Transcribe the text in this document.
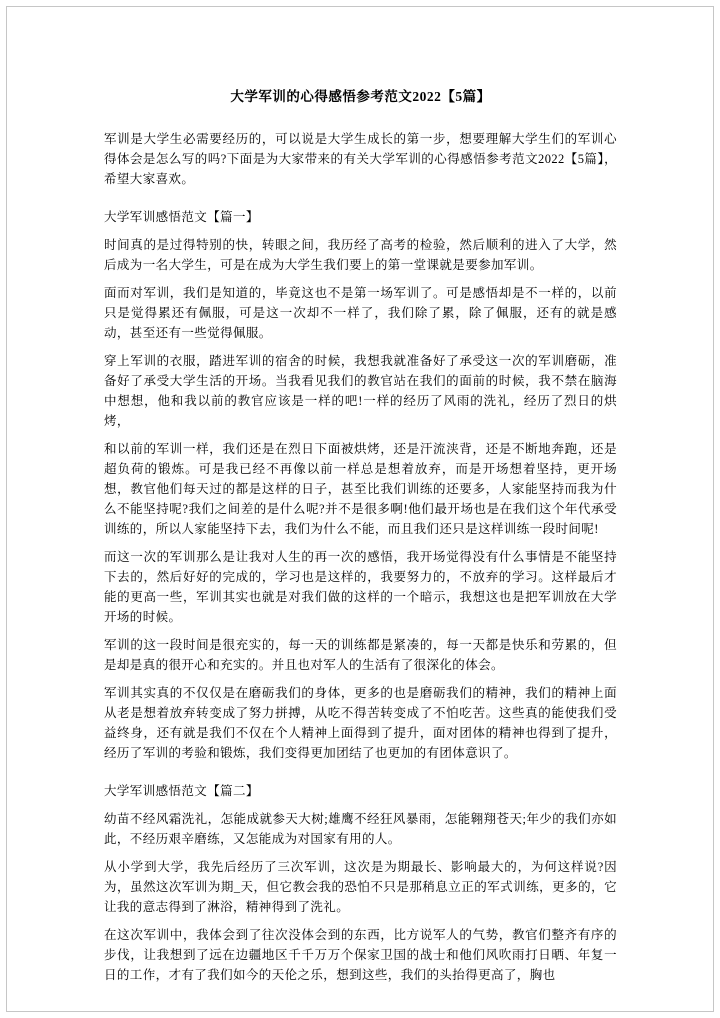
大学军训的心得感悟参考范文2022【5篇】

军训是大学生必需要经历的，可以说是大学生成长的第一步，想要理解大学生们的军训心得体会是怎么写的吗?下面是为大家带来的有关大学军训的心得感悟参考范文2022【5篇】，希望大家喜欢。

大学军训感悟范文【篇一】

时间真的是过得特别的快，转眼之间，我历经了高考的检验，然后顺利的进入了大学，然后成为一名大学生，可是在成为大学生我们要上的第一堂课就是要参加军训。

面而对军训，我们是知道的，毕竟这也不是第一场军训了。可是感悟却是不一样的，以前只是觉得累还有佩服，可是这一次却不一样了，我们除了累，除了佩服，还有的就是感动，甚至还有一些觉得佩服。

穿上军训的衣服，踏进军训的宿舍的时候，我想我就准备好了承受这一次的军训磨砺，准备好了承受大学生活的开场。当我看见我们的教官站在我们的面前的时候，我不禁在脑海中想想，他和我以前的教官应该是一样的吧!一样的经历了风雨的洗礼，经历了烈日的烘烤，

和以前的军训一样，我们还是在烈日下面被烘烤，还是汗流浃背，还是不断地奔跑，还是超负荷的锻炼。可是我已经不再像以前一样总是想着放弃，而是开场想着坚持，更开场想，教官他们每天过的都是这样的日子，甚至比我们训练的还要多，人家能坚持而我为什么不能坚持呢?我们之间差的是什么呢?并不是很多啊!他们最开场也是在我们这个年代承受训练的，所以人家能坚持下去，我们为什么不能，而且我们还只是这样训练一段时间呢!

而这一次的军训那么是让我对人生的再一次的感悟，我开场觉得没有什么事情是不能坚持下去的，然后好好的完成的，学习也是这样的，我要努力的，不放弃的学习。这样最后才能的更高一些，军训其实也就是对我们做的这样的一个暗示，我想这也是把军训放在大学开场的时候。

军训的这一段时间是很充实的，每一天的训练都是紧凑的，每一天都是快乐和劳累的，但是却是真的很开心和充实的。并且也对军人的生活有了很深化的体会。

军训其实真的不仅仅是在磨砺我们的身体，更多的也是磨砺我们的精神，我们的精神上面从老是想着放弃转变成了努力拼搏，从吃不得苦转变成了不怕吃苦。这些真的能使我们受益终身，还有就是我们不仅在个人精神上面得到了提升，面对团体的精神也得到了提升，经历了军训的考验和锻炼，我们变得更加团结了也更加的有团体意识了。

大学军训感悟范文【篇二】

幼苗不经风霜洗礼，怎能成就参天大树;雄鹰不经狂风暴雨，怎能翱翔苍天;年少的我们亦如此，不经历艰辛磨练，又怎能成为对国家有用的人。

从小学到大学，我先后经历了三次军训，这次是为期最长、影响最大的，为何这样说?因为，虽然这次军训为期_天，但它教会我的恐怕不只是那稍息立正的军式训练，更多的，它让我的意志得到了淋浴，精神得到了洗礼。

在这次军训中，我体会到了往次没体会到的东西，比方说军人的气势，教官们整齐有序的步伐，让我想到了远在边疆地区千千万万个保家卫国的战士和他们风吹雨打日晒、年复一日的工作，才有了我们如今的天伦之乐，想到这些，我们的头抬得更高了，胸也
